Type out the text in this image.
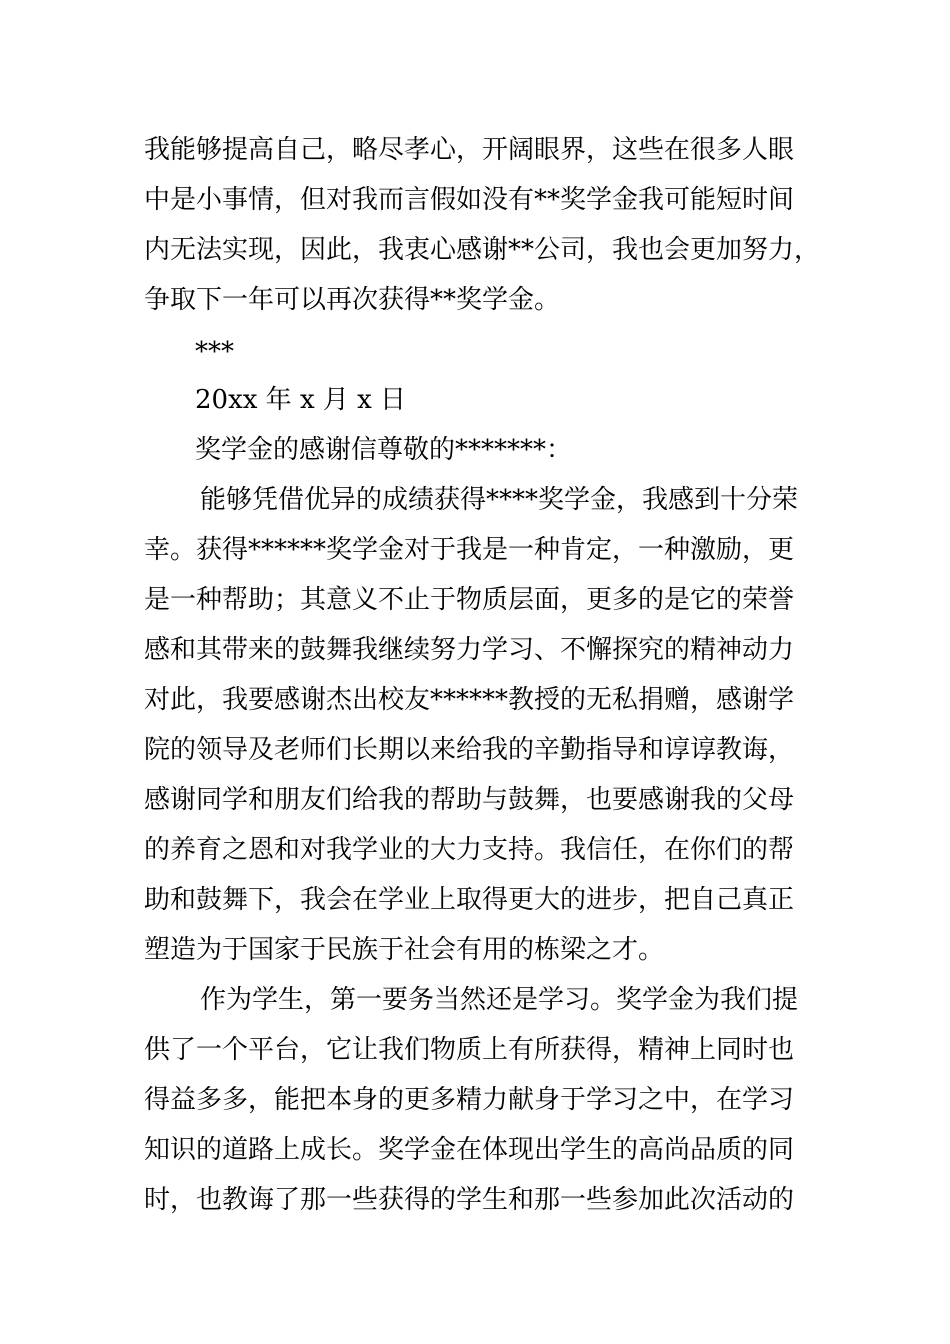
我能够提高自己，略尽孝心，开阔眼界，这些在很多人眼

中是小事情，但对我而言假如没有**奖学金我可能短时间

内无法实现，因此，我衷心感谢**公司，我也会更加努力，

争取下一年可以再次获得**奖学金。

***

20xx 年 x 月 x 日

奖学金的感谢信尊敬的*******：

能够凭借优异的成绩获得****奖学金，我感到十分荣

幸。获得******奖学金对于我是一种肯定，一种激励，更

是一种帮助；其意义不止于物质层面，更多的是它的荣誉

感和其带来的鼓舞我继续努力学习、不懈探究的精神动力

对此，我要感谢杰出校友******教授的无私捐赠，感谢学

院的领导及老师们长期以来给我的辛勤指导和谆谆教诲，

感谢同学和朋友们给我的帮助与鼓舞，也要感谢我的父母

的养育之恩和对我学业的大力支持。我信任，在你们的帮

助和鼓舞下，我会在学业上取得更大的进步，把自己真正

塑造为于国家于民族于社会有用的栋梁之才。

作为学生，第一要务当然还是学习。奖学金为我们提

供了一个平台，它让我们物质上有所获得，精神上同时也

得益多多，能把本身的更多精力献身于学习之中，在学习

知识的道路上成长。奖学金在体现出学生的高尚品质的同

时，也教诲了那一些获得的学生和那一些参加此次活动的
